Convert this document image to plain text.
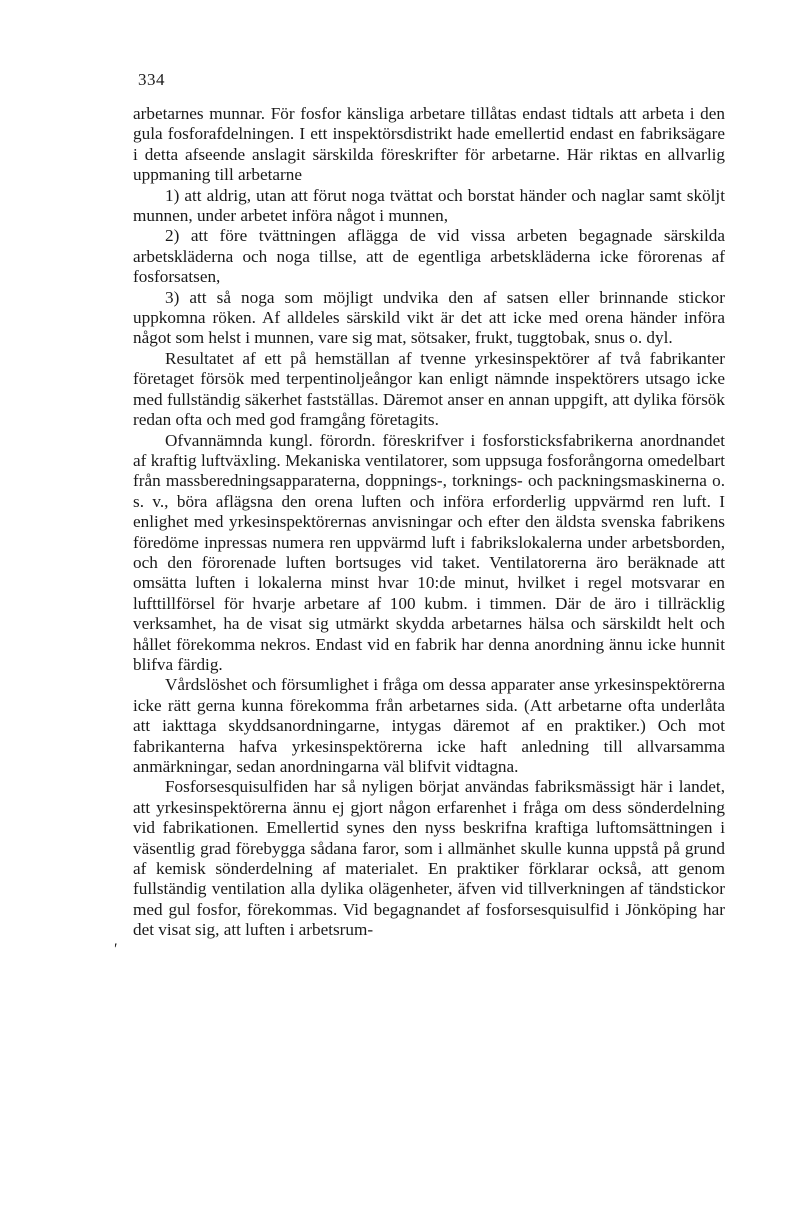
334

arbetarnes munnar. För fosfor känsliga arbetare tillåtas endast tidtals att arbeta i den gula fosforafdelningen. I ett inspektörsdistrikt hade emellertid endast en fabriksägare i detta afseende anslagit särskilda föreskrifter för arbetarne. Här riktas en allvarlig uppmaning till arbetarne

1) att aldrig, utan att förut noga tvättat och borstat händer och naglar samt sköljt munnen, under arbetet införa något i munnen,

2) att före tvättningen aflägga de vid vissa arbeten begagnade särskilda arbetskläderna och noga tillse, att de egentliga arbetskläderna icke förorenas af fosforsatsen,

3) att så noga som möjligt undvika den af satsen eller brinnande stickor uppkomna röken. Af alldeles särskild vikt är det att icke med orena händer införa något som helst i munnen, vare sig mat, sötsaker, frukt, tuggtobak, snus o. dyl.

Resultatet af ett på hemställan af tvenne yrkesinspektörer af två fabrikanter företaget försök med terpentinoljeångor kan enligt nämnde inspektörers utsago icke med fullständig säkerhet fastställas. Däremot anser en annan uppgift, att dylika försök redan ofta och med god framgång företagits.

Ofvannämnda kungl. förordn. föreskrifver i fosforsticksfabrikerna anordnandet af kraftig luftväxling. Mekaniska ventilatorer, som uppsuga fosforångorna omedelbart från massberedningsapparaterna, doppnings-, torknings- och packningsmaskinerna o. s. v., böra aflägsna den orena luften och införa erforderlig uppvärmd ren luft. I enlighet med yrkesinspektörernas anvisningar och efter den äldsta svenska fabrikens föredöme inpressas numera ren uppvärmd luft i fabrikslokalerna under arbetsborden, och den förorenade luften bortsuges vid taket. Ventilatorerna äro beräknade att omsätta luften i lokalerna minst hvar 10:de minut, hvilket i regel motsvarar en lufttillförsel för hvarje arbetare af 100 kubm. i timmen. Där de äro i tillräcklig verksamhet, ha de visat sig utmärkt skydda arbetarnes hälsa och särskildt helt och hållet förekomma nekros. Endast vid en fabrik har denna anordning ännu icke hunnit blifva färdig.

Vårdslöshet och försumlighet i fråga om dessa apparater anse yrkesinspektörerna icke rätt gerna kunna förekomma från arbetarnes sida. (Att arbetarne ofta underlåta att iakttaga skyddsanordningarne, intygas däremot af en praktiker.) Och mot fabrikanterna hafva yrkesinspektörerna icke haft anledning till allvarsamma anmärkningar, sedan anordningarna väl blifvit vidtagna.

Fosforsesquisulfiden har så nyligen börjat användas fabriksmässigt här i landet, att yrkesinspektörerna ännu ej gjort någon erfarenhet i fråga om dess sönderdelning vid fabrikationen. Emellertid synes den nyss beskrifna kraftiga luftomsättningen i väsentlig grad förebygga sådana faror, som i allmänhet skulle kunna uppstå på grund af kemisk sönderdelning af materialet. En praktiker förklarar också, att genom fullständig ventilation alla dylika olägenheter, äfven vid tillverkningen af tändstickor med gul fosfor, förekommas. Vid begagnandet af fosforsesquisulfid i Jönköping har det visat sig, att luften i arbetsrum-

'
